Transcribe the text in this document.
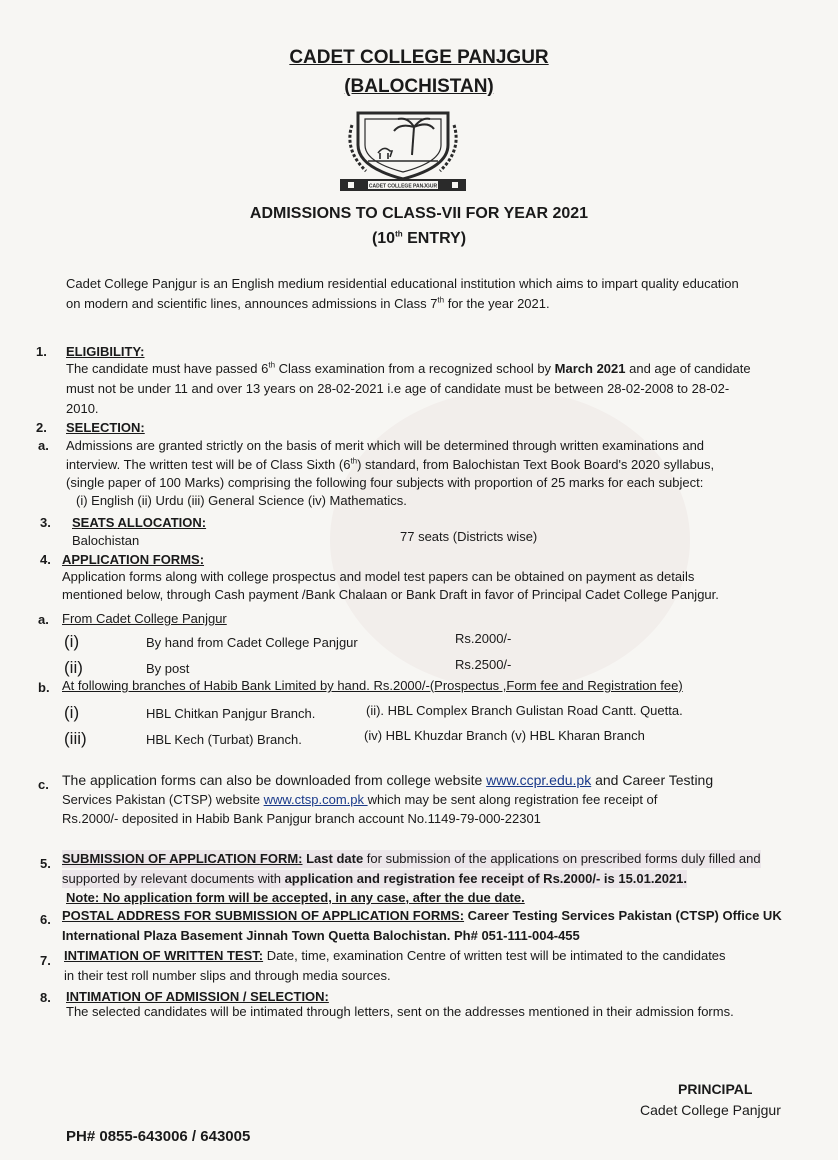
CADET COLLEGE PANJGUR
(BALOCHISTAN)
CADET COLLEGE PANJGUR
ADMISSIONS TO CLASS-VII FOR YEAR 2021
(10th ENTRY)
Cadet College Panjgur is an English medium residential educational institution which aims to impart quality education
on modern and scientific lines, announces admissions in Class 7th for the year 2021.
1. ELIGIBILITY:
The candidate must have passed 6th Class examination from a recognized school by March 2021 and age of candidate
must not be under 11 and over 13 years on 28-02-2021 i.e age of candidate must be between 28-02-2008 to 28-02-
2010.
2. SELECTION:
a. Admissions are granted strictly on the basis of merit which will be determined through written examinations and
interview. The written test will be of Class Sixth (6th) standard, from Balochistan Text Book Board's 2020 syllabus,
(single paper of 100 Marks) comprising the following four subjects with proportion of 25 marks for each subject:
(i) English (ii) Urdu (iii) General Science (iv) Mathematics.
3. SEATS ALLOCATION:
Balochistan	77 seats (Districts wise)
4. APPLICATION FORMS:
Application forms along with college prospectus and model test papers can be obtained on payment as details
mentioned below, through Cash payment /Bank Chalaan or Bank Draft in favor of Principal Cadet College Panjgur.
a. From Cadet College Panjgur
(i)	By hand from Cadet College Panjgur	Rs.2000/-
(ii)	By post	Rs.2500/-
b. At following branches of Habib Bank Limited by hand. Rs.2000/-(Prospectus ,Form fee and Registration fee)
(i)	HBL Chitkan Panjgur Branch.	(ii). HBL Complex Branch Gulistan Road Cantt. Quetta.
(iii)	HBL Kech (Turbat) Branch.	(iv) HBL Khuzdar Branch (v) HBL Kharan Branch
c. The application forms can also be downloaded from college website www.ccpr.edu.pk and Career Testing
Services Pakistan (CTSP) website www.ctsp.com.pk which may be sent along registration fee receipt of
Rs.2000/- deposited in Habib Bank Panjgur branch account No.1149-79-000-22301
5. SUBMISSION OF APPLICATION FORM: Last date for submission of the applications on prescribed forms duly filled and
supported by relevant documents with application and registration fee receipt of Rs.2000/- is 15.01.2021.
Note: No application form will be accepted, in any case, after the due date.
6. POSTAL ADDRESS FOR SUBMISSION OF APPLICATION FORMS: Career Testing Services Pakistan (CTSP) Office UK
International Plaza Basement Jinnah Town Quetta Balochistan. Ph# 051-111-004-455
7. INTIMATION OF WRITTEN TEST: Date, time, examination Centre of written test will be intimated to the candidates
in their test roll number slips and through media sources.
8. INTIMATION OF ADMISSION / SELECTION:
The selected candidates will be intimated through letters, sent on the addresses mentioned in their admission forms.
PRINCIPAL
Cadet College Panjgur
PH# 0855-643006 / 643005
